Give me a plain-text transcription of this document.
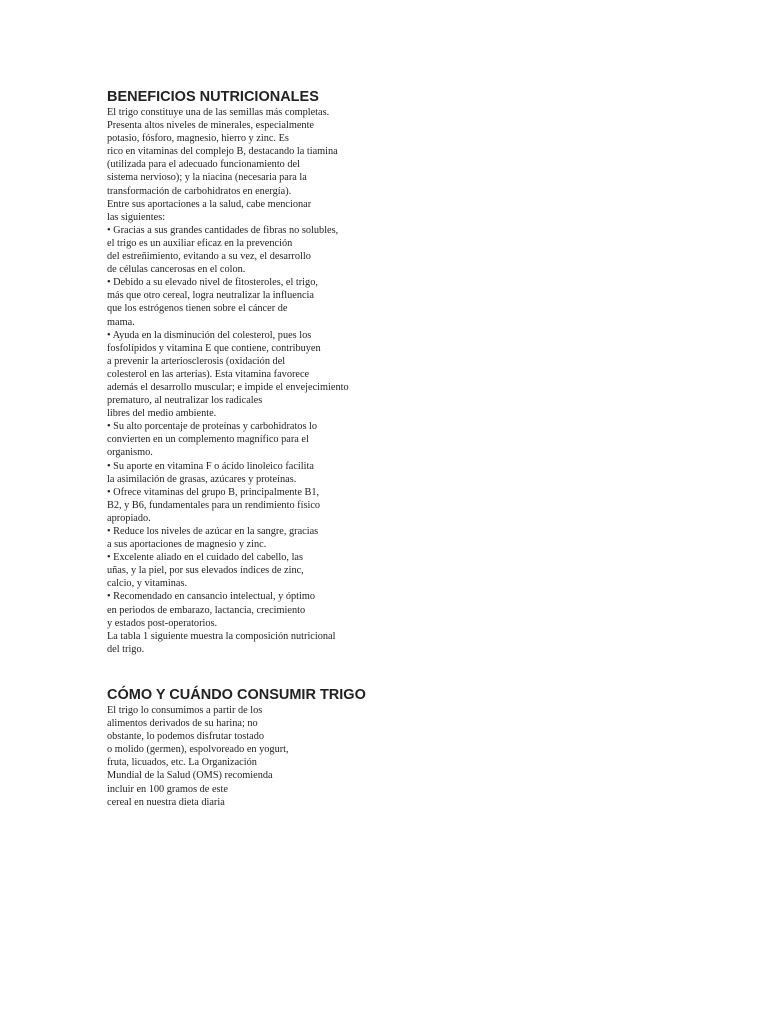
BENEFICIOS NUTRICIONALES
El trigo constituye una de las semillas más completas.
Presenta altos niveles de minerales, especialmente
potasio, fósforo, magnesio, hierro y zinc. Es
rico en vitaminas del complejo B, destacando la tiamina
(utilizada para el adecuado funcionamiento del
sistema nervioso); y la niacina (necesaria para la
transformación de carbohidratos en energía).
Entre sus aportaciones a la salud, cabe mencionar
las siguientes:
• Gracias a sus grandes cantidades de fibras no solubles,
el trigo es un auxiliar eficaz en la prevención
del estreñimiento, evitando a su vez, el desarrollo
de células cancerosas en el colon.
• Debido a su elevado nivel de fitosteroles, el trigo,
más que otro cereal, logra neutralizar la influencia
que los estrógenos tienen sobre el cáncer de
mama.
• Ayuda en la disminución del colesterol, pues los
fosfolípidos y vitamina E que contiene, contribuyen
a prevenir la arteriosclerosis (oxidación del
colesterol en las arterias). Esta vitamina favorece
además el desarrollo muscular; e impide el envejecimiento
prematuro, al neutralizar los radicales
libres del medio ambiente.
• Su alto porcentaje de proteínas y carbohidratos lo
convierten en un complemento magnífico para el
organismo.
• Su aporte en vitamina F o ácido linoleico facilita
la asimilación de grasas, azúcares y proteínas.
• Ofrece vitaminas del grupo B, principalmente B1,
B2, y B6, fundamentales para un rendimiento físico
apropiado.
• Reduce los niveles de azúcar en la sangre, gracias
a sus aportaciones de magnesio y zinc.
• Excelente aliado en el cuidado del cabello, las
uñas, y la piel, por sus elevados índices de zinc,
calcio, y vitaminas.
• Recomendado en cansancio intelectual, y óptimo
en periodos de embarazo, lactancia, crecimiento
y estados post-operatorios.
La tabla 1 siguiente muestra la composición nutricional
del trigo.
CÓMO Y CUÁNDO CONSUMIR TRIGO
El trigo lo consumimos a partir de los
alimentos derivados de su harina; no
obstante, lo podemos disfrutar tostado
o molido (germen), espolvoreado en yogurt,
fruta, licuados, etc. La Organización
Mundial de la Salud (OMS) recomienda
incluir en 100 gramos de este
cereal en nuestra dieta diaria
